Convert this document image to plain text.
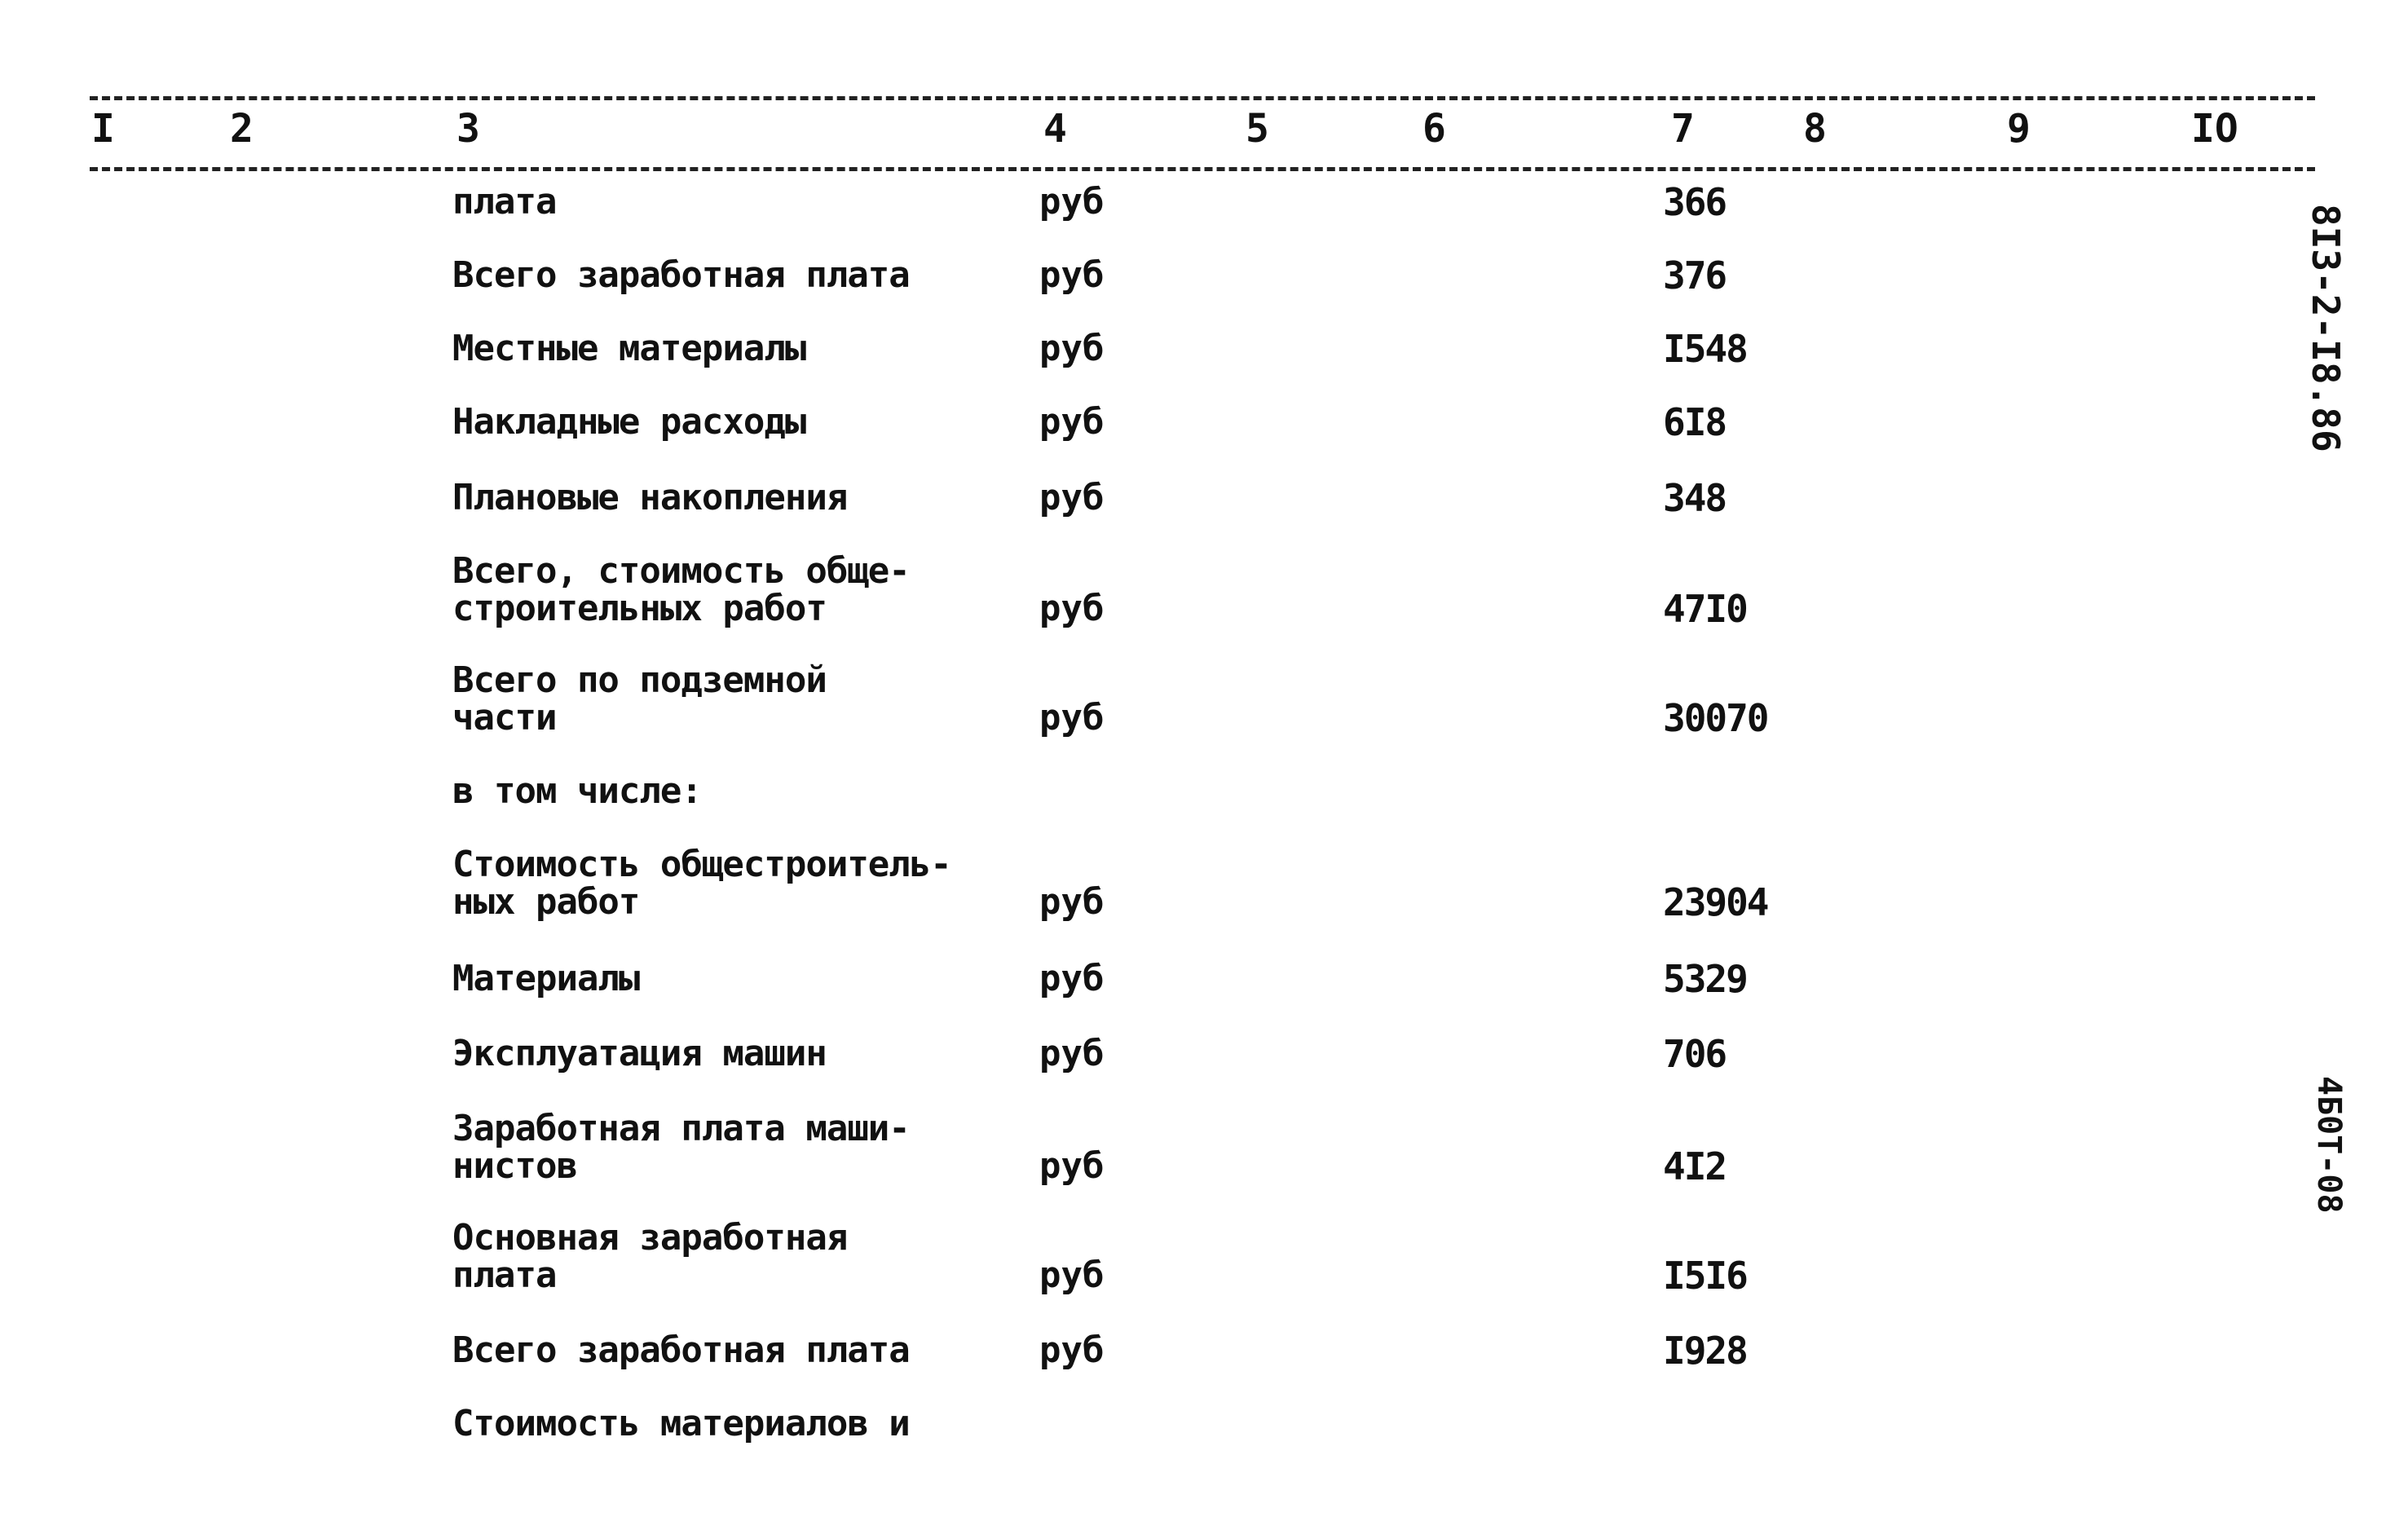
I	2	3	4	5	6	7	8	9	IO
8I3-2-I8.86
4Б0Т-08
плата	руб	366
Всего заработная плата	руб	376
Местные материалы	руб	I548
Накладные расходы	руб	6I8
Плановые накопления	руб	348
Всего, стоимость обще-
строительных работ	руб	47I0
Всего по подземной
части	руб	30070
в том числе:
Стоимость общестроитель-
ных работ	руб	23904
Материалы	руб	5329
Эксплуатация машин	руб	706
Заработная плата маши-
нистов	руб	4I2
Основная заработная
плата	руб	I5I6
Всего заработная плата	руб	I928
Стоимость материалов и
